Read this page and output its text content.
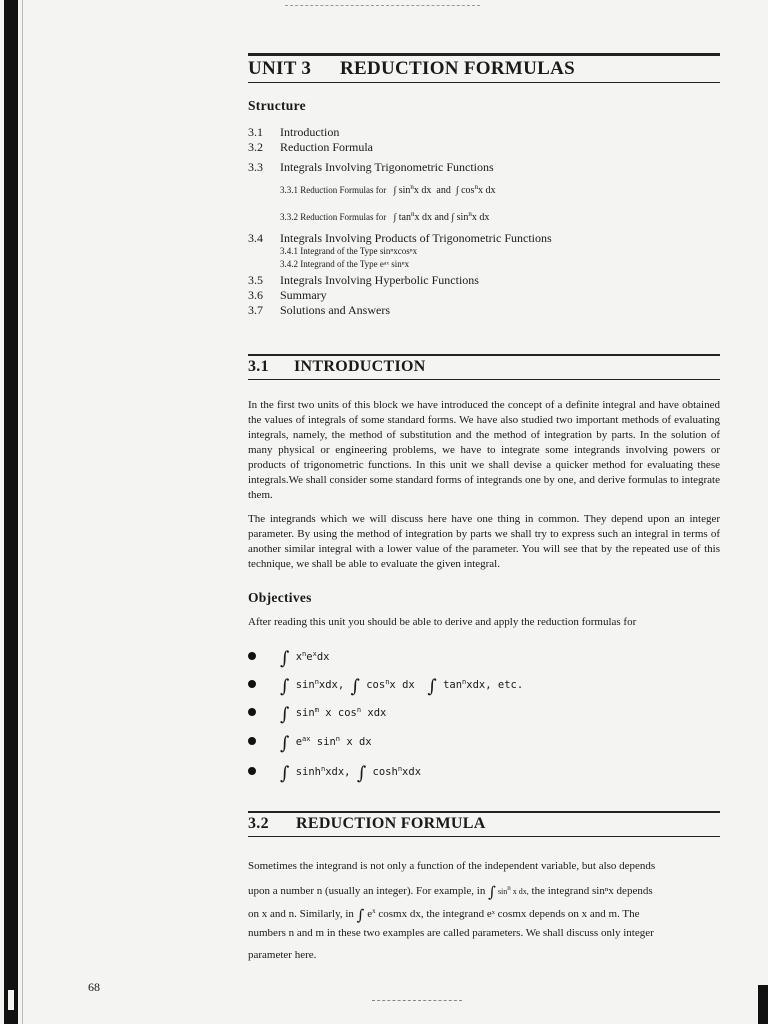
UNIT 3 REDUCTION FORMULAS
Structure
3.1 Introduction
3.2 Reduction Formula
3.3 Integrals Involving Trigonometric Functions
3.3.1 Reduction Formulas for   ∫ $\sin^nx$ dx  and  ∫ $\cos^nx$ dx
3.3.2 Reduction Formulas for   ∫ $\tan^nx$ dx and ∫ $\sin^nx$ dx
3.4 Integrals Involving Products of Trigonometric Functions
3.4.1 Integrand of the Type sinⁿxcosⁿx
3.4.2 Integrand of the Type eᵃˣ sinⁿx
3.5 Integrals Involving Hyperbolic Functions
3.6 Summary
3.7 Solutions and Answers
3.1 INTRODUCTION

In the first two units of this block we have introduced the concept of a definite integral and have obtained the values of integrals of some standard forms. We have also studied two important methods of evaluating integrals, namely, the method of substitution and the method of integration by parts. In the solution of many physical or engineering problems, we have to integrate some integrands involving powers or products of trigonometric functions. In this unit we shall devise a quicker method for evaluating these integrals.We shall consider some standard forms of integrands one by one, and derive formulas to integrate them.

The integrands which we will discuss here have one thing in common. They depend upon an integer parameter. By using the method of integration by parts we shall try to express such an integral in terms of another similar integral with a lower value of the parameter. You will see that by the repeated use of this technique, we shall be able to evaluate the given integral.

Objectives
After reading this unit you should be able to derive and apply the reduction formulas for
∫ $x^ne^xdx$
∫ $\sin^nxdx$, ∫ $\cos^nx$ dx  ∫ $\tan^nxdx$, etc.
∫ $\sin^m x$ $\cos^n$ xdx
∫ $e^{ax}$ $\sin^n x$ dx
∫ $\sinh^nxdx$, ∫ $\cosh^nxdx$
3.2 REDUCTION FORMULA
Sometimes the integrand is not only a function of the independent variable, but also depends
upon a number n (usually an integer). For example, in ∫ $\sin^n x$ dx, the integrand sinⁿx depends
on x and n. Similarly, in ∫ $e^x$ cosmx dx, the integrand eˣ cosmx depends on x and m. The
numbers n and m in these two examples are called parameters. We shall discuss only integer
parameter here.
68
